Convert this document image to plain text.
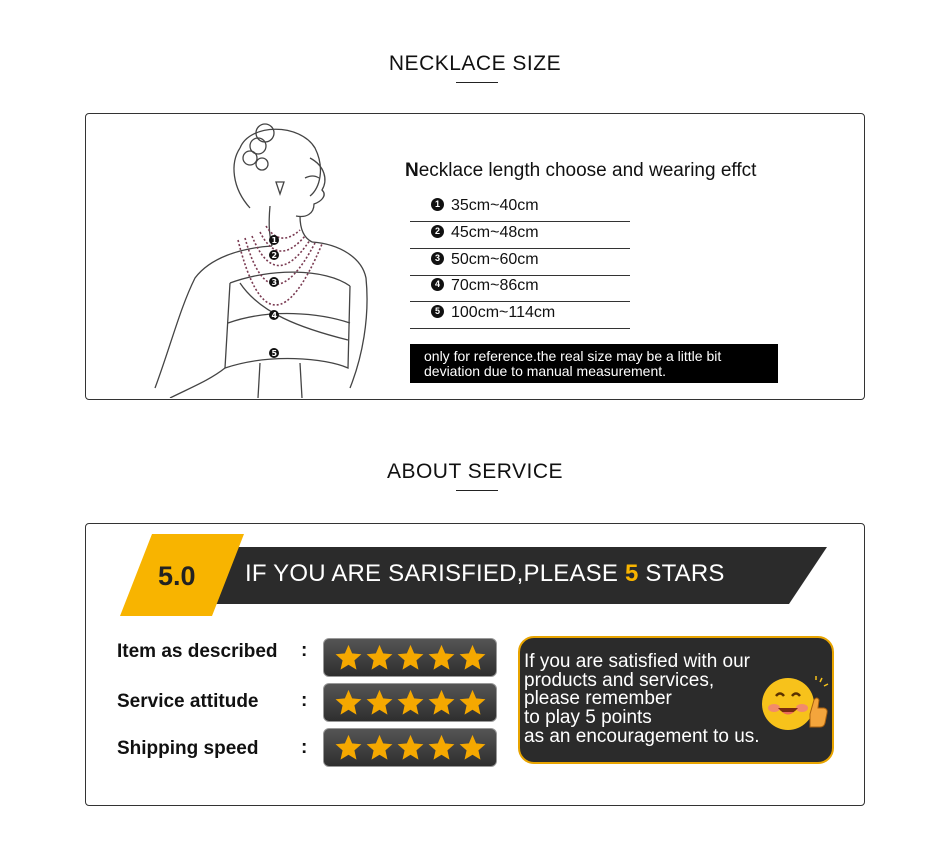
NECKLACE SIZE
1
2
3
4
5
Necklace length choose and wearing effct
1 35cm~40cm
2 45cm~48cm
3 50cm~60cm
4 70cm~86cm
5 100cm~114cm
only for reference.the real size may be a little bit
deviation due to manual measurement.
ABOUT SERVICE
5.0 IF YOU ARE SARISFIED,PLEASE 5 STARS
Item as described :
Service attitude :
Shipping speed :
If you are satisfied with our
products and services,
please remember
to play 5 points
as an encouragement to us.
